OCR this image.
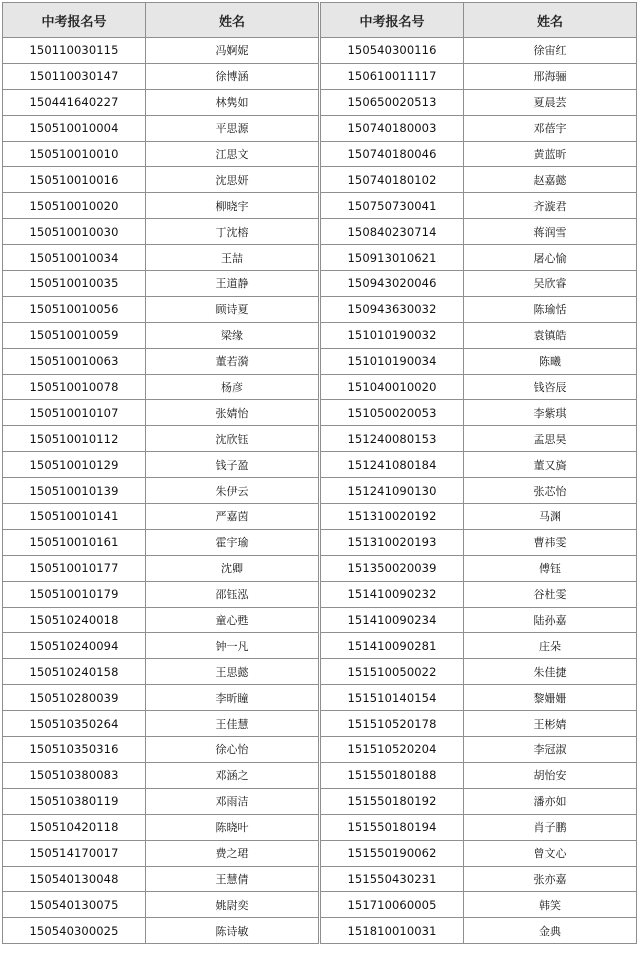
中考报名号	姓名
150110030115	冯婀妮
150110030147	徐博涵
150441640227	林隽如
150510010004	平思源
150510010010	江思文
150510010016	沈思妍
150510010020	柳晓宇
150510010030	丁沈榕
150510010034	王喆
150510010035	王道静
150510010056	顾诗夏
150510010059	梁缘
150510010063	董若漪
150510010078	杨彦
150510010107	张婧怡
150510010112	沈欣钰
150510010129	钱子盈
150510010139	朱伊云
150510010141	严嘉茵
150510010161	霍宇瑜
150510010177	沈卿
150510010179	邵钰泓
150510240018	童心甦
150510240094	钟一凡
150510240158	王思懿
150510280039	李昕瞳
150510350264	王佳慧
150510350316	徐心怡
150510380083	邓涵之
150510380119	邓雨洁
150510420118	陈晓叶
150514170017	费之珺
150540130048	王慧倩
150540130075	姚尉奕
150540300025	陈诗敏
中考报名号	姓名
150540300116	徐宙红
150610011117	邢海骊
150650020513	夏晨芸
150740180003	邓蓓宇
150740180046	黄蓝昕
150740180102	赵嘉懿
150750730041	齐漩君
150840230714	蒋润雪
150913010621	屠心愉
150943020046	吴欣睿
150943630032	陈瑜恬
151010190032	袁镇皓
151010190034	陈曦
151040010020	钱咨辰
151050020053	李紫琪
151240080153	孟思昊
151241080184	董又旖
151241090130	张芯怡
151310020192	马渊
151310020193	曹祎雯
151350020039	傅钰
151410090232	谷杜雯
151410090234	陆孙嘉
151410090281	庄朵
151510050022	朱佳捷
151510140154	黎姗姗
151510520178	王彬婧
151510520204	李冠淑
151550180188	胡怡安
151550180192	潘亦如
151550180194	肖子鹏
151550190062	曾文心
151550430231	张亦嘉
151710060005	韩笑
151810010031	金典
